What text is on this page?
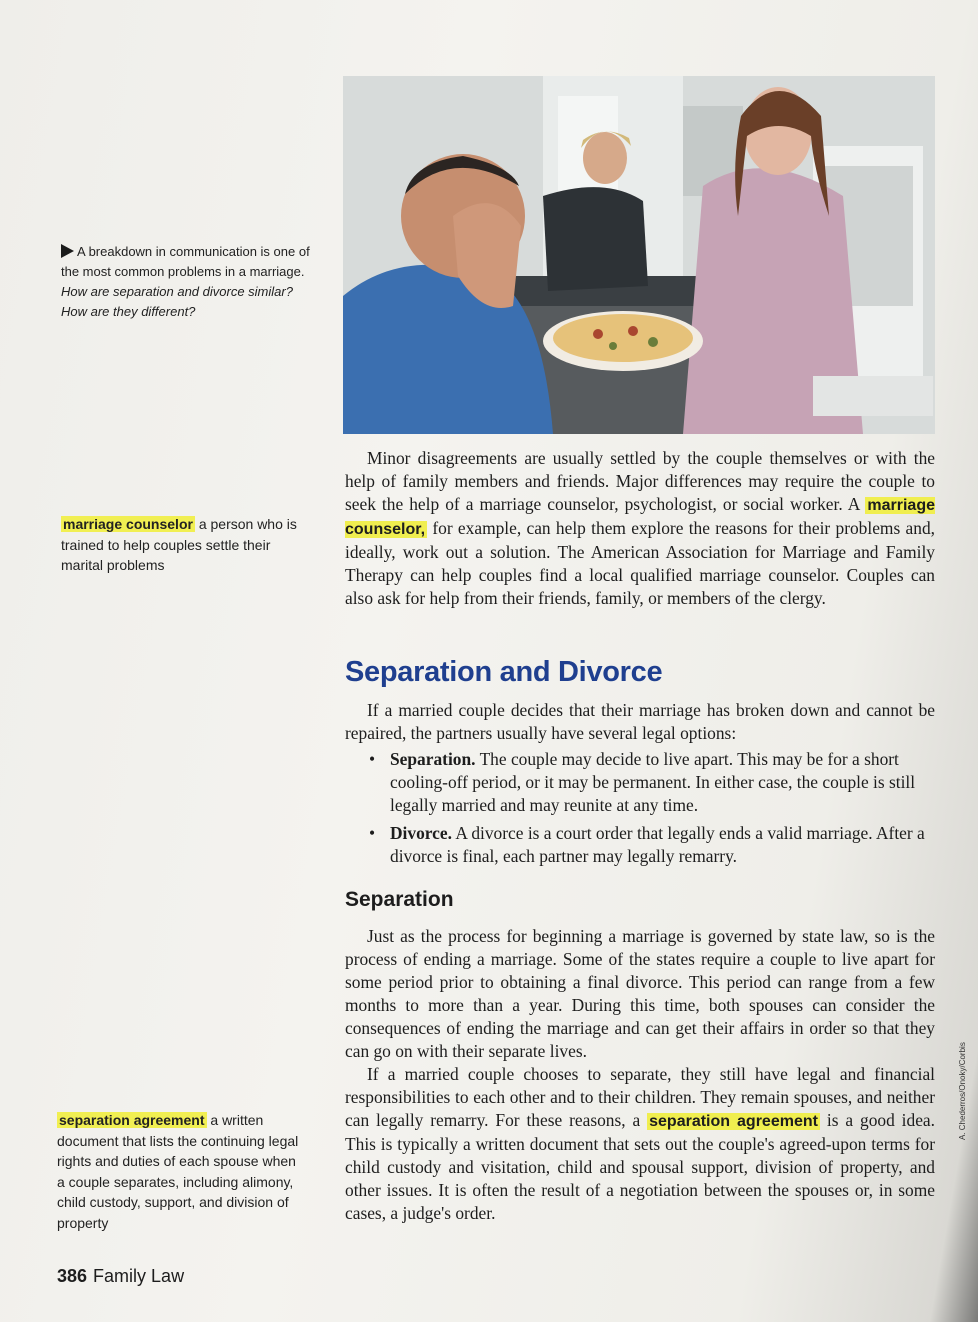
A breakdown in communication is one of the most common problems in a marriage. How are separation and divorce similar? How are they different?
marriage counselor a person who is trained to help couples settle their marital problems
separation agreement a written document that lists the continuing legal rights and duties of each spouse when a couple separates, including alimony, child custody, support, and division of property

Minor disagreements are usually settled by the couple themselves or with the help of family members and friends. Major differences may require the couple to seek the help of a marriage counselor, psychologist, or social worker. A marriage counselor, for example, can help them explore the reasons for their problems and, ideally, work out a solution. The American Association for Marriage and Family Therapy can help couples find a local qualified marriage counselor. Couples can also ask for help from their friends, family, or members of the clergy.

Separation and Divorce

If a married couple decides that their marriage has broken down and cannot be repaired, the partners usually have several legal options:

• Separation. The couple may decide to live apart. This may be for a short cooling-off period, or it may be permanent. In either case, the couple is still legally married and may reunite at any time.
• Divorce. A divorce is a court order that legally ends a valid marriage. After a divorce is final, each partner may legally remarry.
Separation

Just as the process for beginning a marriage is governed by state law, so is the process of ending a marriage. Some of the states require a couple to live apart for some period prior to obtaining a final divorce. This period can range from a few months to more than a year. During this time, both spouses can consider the consequences of ending the marriage and can get their affairs in order so that they can go on with their separate lives.

If a married couple chooses to separate, they still have legal and financial responsibilities to each other and to their children. They remain spouses, and neither can legally remarry. For these reasons, a separation agreement is a good idea. This is typically a written document that sets out the couple's agreed-upon terms for child custody and visitation, child and spousal support, division of property, and other issues. It is often the result of a negotiation between the spouses or, in some cases, a judge's order.

386 Family Law
A. Chederros/Onoky/Corbis
